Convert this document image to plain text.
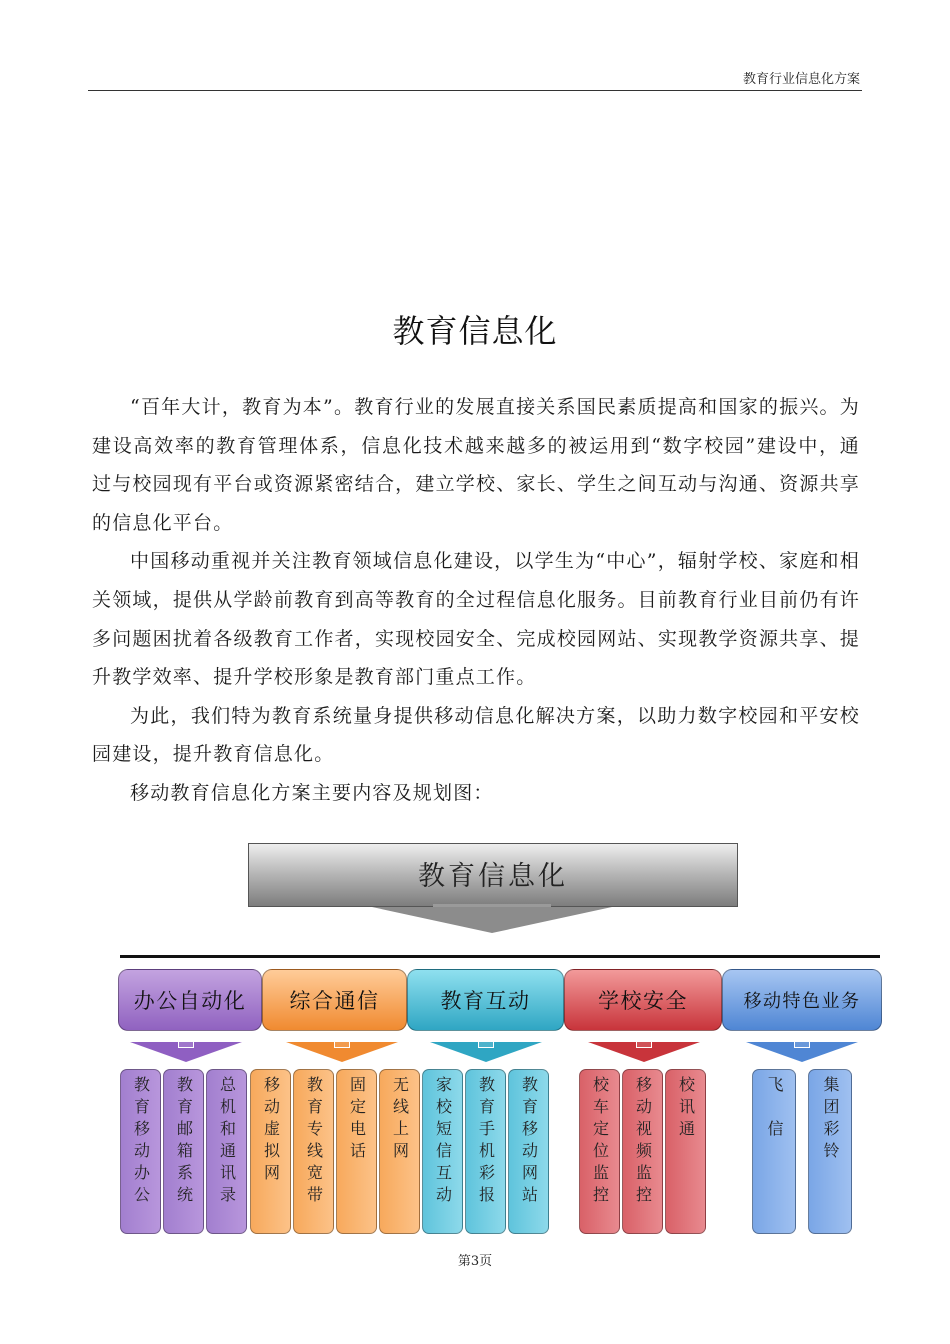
教育行业信息化方案
教育信息化

“百年大计，教育为本”。教育行业的发展直接关系国民素质提高和国家的振兴。为建设高效率的教育管理体系，信息化技术越来越多的被运用到“数字校园”建设中，通过与校园现有平台或资源紧密结合，建立学校、家长、学生之间互动与沟通、资源共享的信息化平台。

中国移动重视并关注教育领域信息化建设，以学生为“中心”，辐射学校、家庭和相关领域，提供从学龄前教育到高等教育的全过程信息化服务。目前教育行业目前仍有许多问题困扰着各级教育工作者，实现校园安全、完成校园网站、实现教学资源共享、提升教学效率、提升学校形象是教育部门重点工作。

为此，我们特为教育系统量身提供移动信息化解决方案，以助力数字校园和平安校园建设，提升教育信息化。

移动教育信息化方案主要内容及规划图：

教育信息化
办公自动化 综合通信	教育互动	学校安全	移动特色业务
教育移动办公 教育邮箱系统 总机和通讯录 移动虚拟网 教育专线宽带 固定电话 无线上网 家校短信互动 教育手机彩报 教育移动网站	校车定位监控 移动视频监控 校讯通	飞　信 集团彩铃
第3页
